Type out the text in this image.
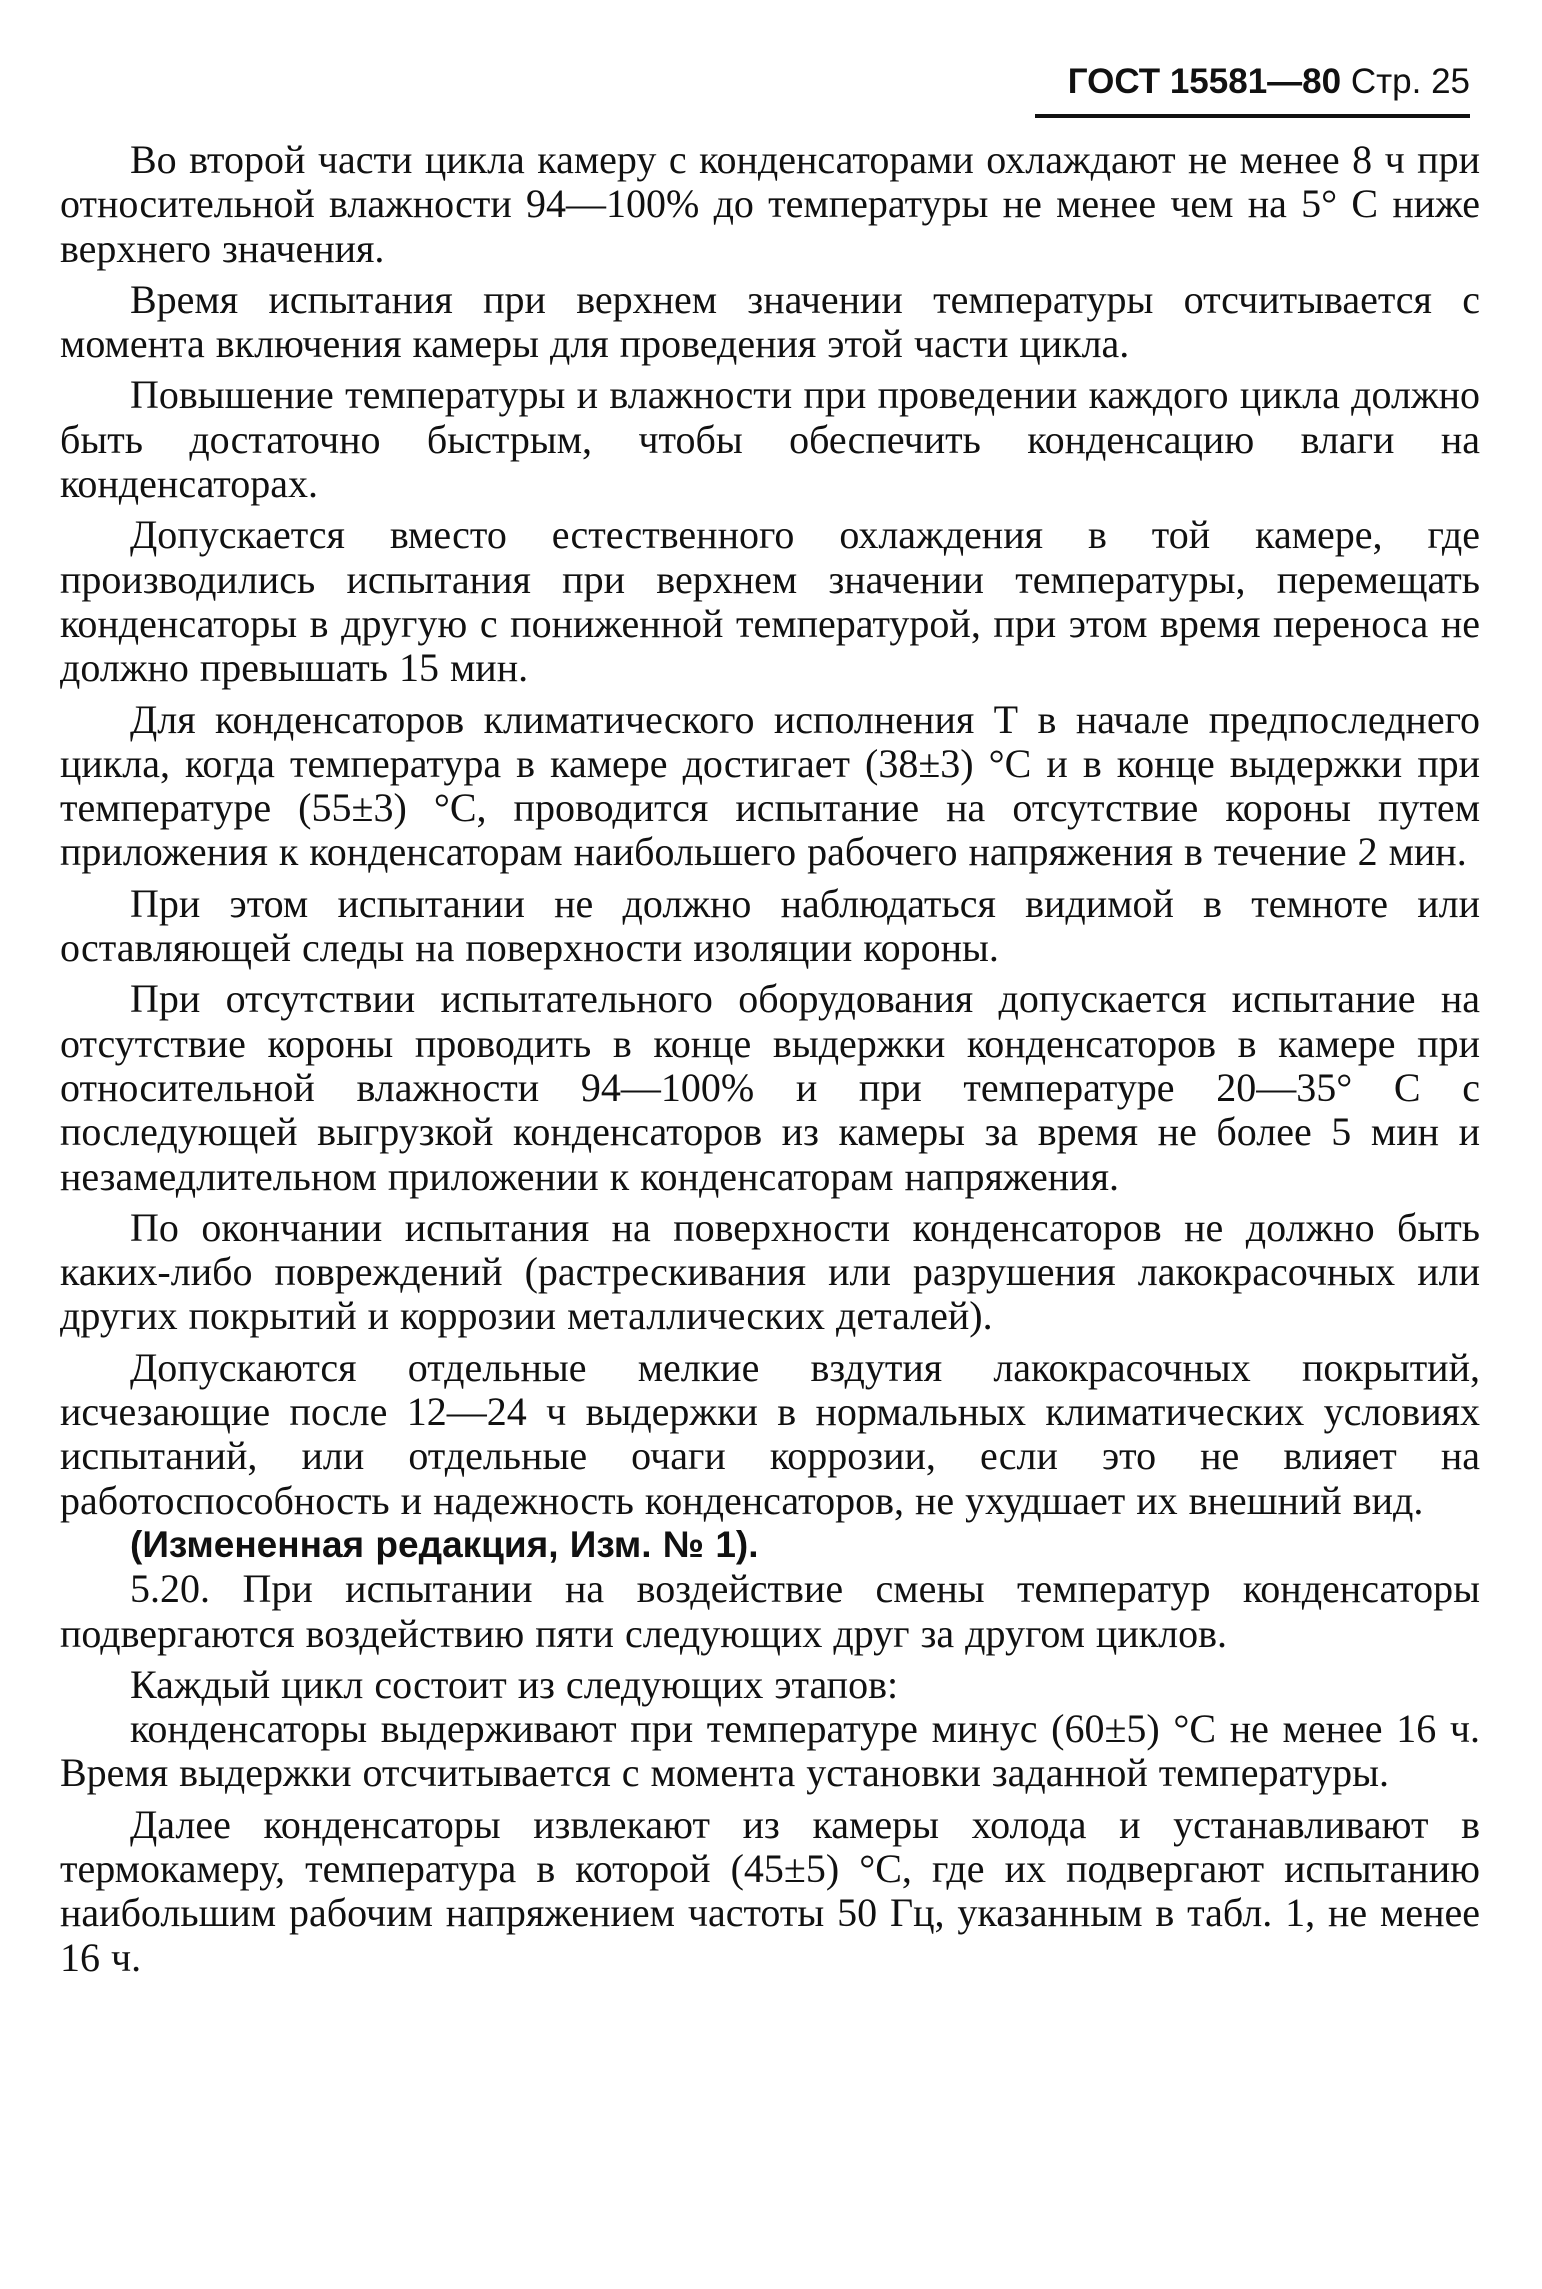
ГОСТ 15581—80 Стр. 25

Во второй части цикла камеру с конденсаторами охлаждают не менее 8 ч при относительной влажности 94—100% до температуры не менее чем на 5° С ниже верхнего значения.

Время испытания при верхнем значении температуры отсчитывается с момента включения камеры для проведения этой части цикла.

Повышение температуры и влажности при проведении каждого цикла должно быть достаточно быстрым, чтобы обеспечить конденсацию влаги на конденсаторах.

Допускается вместо естественного охлаждения в той камере, где производились испытания при верхнем значении температуры, перемещать конденсаторы в другую с пониженной температурой, при этом время переноса не должно превышать 15 мин.

Для конденсаторов климатического исполнения Т в начале предпоследнего цикла, когда температура в камере достигает (38±3) °С и в конце выдержки при температуре (55±3) °С, проводится испытание на отсутствие короны путем приложения к конденсаторам наибольшего рабочего напряжения в течение 2 мин.

При этом испытании не должно наблюдаться видимой в темноте или оставляющей следы на поверхности изоляции короны.

При отсутствии испытательного оборудования допускается испытание на отсутствие короны проводить в конце выдержки конденсаторов в камере при относительной влажности 94—100% и при температуре 20—35° С с последующей выгрузкой конденсаторов из камеры за время не более 5 мин и незамедлительном приложении к конденсаторам напряжения.

По окончании испытания на поверхности конденсаторов не должно быть каких-либо повреждений (растрескивания или разрушения лакокрасочных или других покрытий и коррозии металлических деталей).

Допускаются отдельные мелкие вздутия лакокрасочных покрытий, исчезающие после 12—24 ч выдержки в нормальных климатических условиях испытаний, или отдельные очаги коррозии, если это не влияет на работоспособность и надежность конденсаторов, не ухудшает их внешний вид.

(Измененная редакция, Изм. № 1).

5.20. При испытании на воздействие смены температур конденсаторы подвергаются воздействию пяти следующих друг за другом циклов.

Каждый цикл состоит из следующих этапов:

конденсаторы выдерживают при температуре минус (60±5) °С не менее 16 ч. Время выдержки отсчитывается с момента установки заданной температуры.

Далее конденсаторы извлекают из камеры холода и устанавливают в термокамеру, температура в которой (45±5) °С, где их подвергают испытанию наибольшим рабочим напряжением частоты 50 Гц, указанным в табл. 1, не менее 16 ч.
